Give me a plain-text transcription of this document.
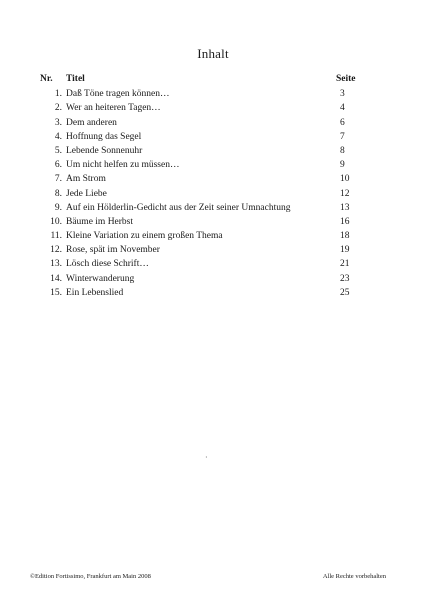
Inhalt
Nr.	Titel	Seite
1. Daß Töne tragen können…	3
2. Wer an heiteren Tagen…	4
3. Dem anderen	6
4. Hoffnung das Segel	7
5. Lebende Sonnenuhr	8
6. Um nicht helfen zu müssen…	9
7. Am Strom	10
8. Jede Liebe	12
9. Auf ein Hölderlin-Gedicht aus der Zeit seiner Umnachtung	13
10. Bäume im Herbst	16
11. Kleine Variation zu einem großen Thema	18
12. Rose, spät im November	19
13. Lösch diese Schrift…	21
14. Winterwanderung	23
15. Ein Lebenslied	25
·
©Edition Fortissimo, Frankfurt am Main 2008	Alle Rechte vorbehalten
